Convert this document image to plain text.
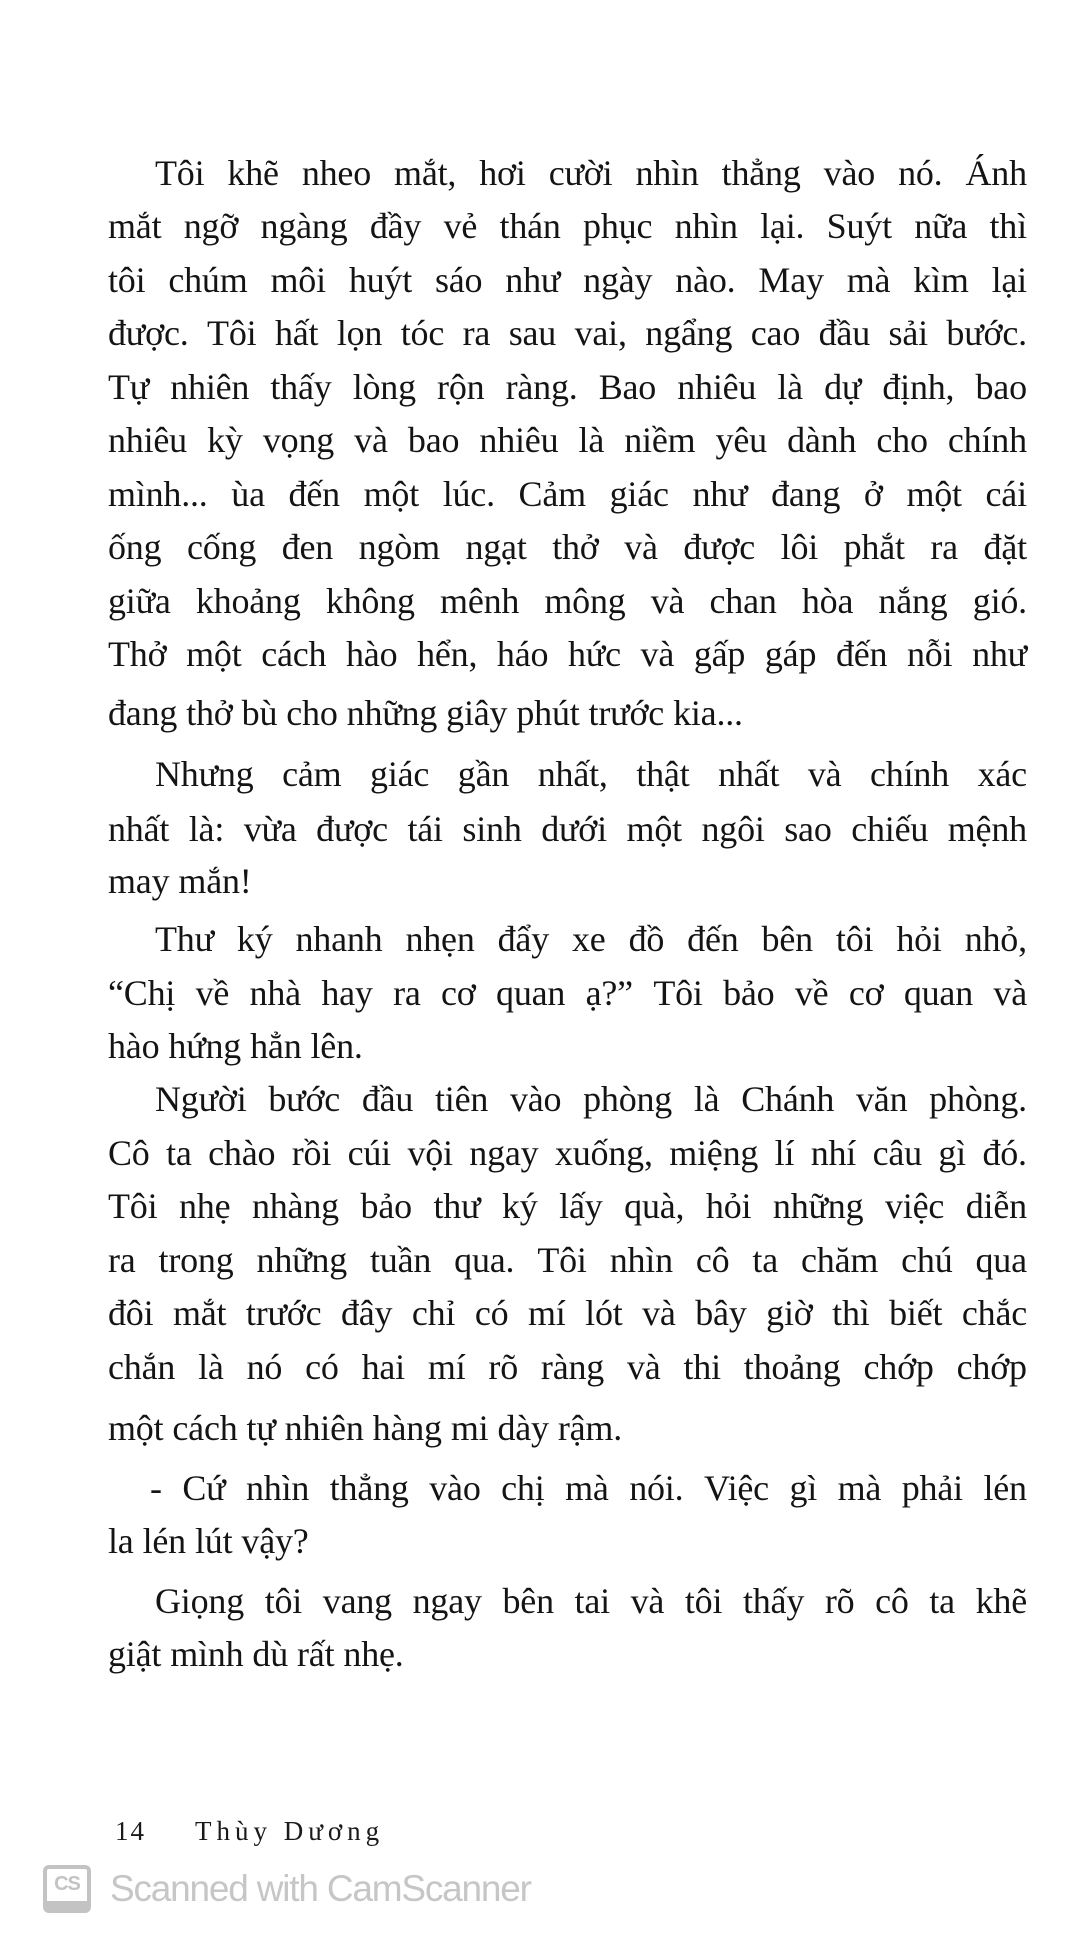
Tôi khẽ nheo mắt, hơi cười nhìn thẳng vào nó. Ánh
mắt ngỡ ngàng đầy vẻ thán phục nhìn lại. Suýt nữa thì
tôi chúm môi huýt sáo như ngày nào. May mà kìm lại
được. Tôi hất lọn tóc ra sau vai, ngẩng cao đầu sải bước.
Tự nhiên thấy lòng rộn ràng. Bao nhiêu là dự định, bao
nhiêu kỳ vọng và bao nhiêu là niềm yêu dành cho chính
mình... ùa đến một lúc. Cảm giác như đang ở một cái
ống cống đen ngòm ngạt thở và được lôi phắt ra đặt
giữa khoảng không mênh mông và chan hòa nắng gió.
Thở một cách hào hển, háo hức và gấp gáp đến nỗi như
đang thở bù cho những giây phút trước kia...
Nhưng cảm giác gần nhất, thật nhất và chính xác
nhất là: vừa được tái sinh dưới một ngôi sao chiếu mệnh
may mắn!
Thư ký nhanh nhẹn đẩy xe đồ đến bên tôi hỏi nhỏ,
“Chị về nhà hay ra cơ quan ạ?” Tôi bảo về cơ quan và
hào hứng hẳn lên.
Người bước đầu tiên vào phòng là Chánh văn phòng.
Cô ta chào rồi cúi vội ngay xuống, miệng lí nhí câu gì đó.
Tôi nhẹ nhàng bảo thư ký lấy quà, hỏi những việc diễn
ra trong những tuần qua. Tôi nhìn cô ta chăm chú qua
đôi mắt trước đây chỉ có mí lót và bây giờ thì biết chắc
chắn là nó có hai mí rõ ràng và thi thoảng chớp chớp
một cách tự nhiên hàng mi dày rậm.
- Cứ nhìn thẳng vào chị mà nói. Việc gì mà phải lén
la lén lút vậy?
Giọng tôi vang ngay bên tai và tôi thấy rõ cô ta khẽ
giật mình dù rất nhẹ.
14 Thùy Dương
CS Scanned with CamScanner
